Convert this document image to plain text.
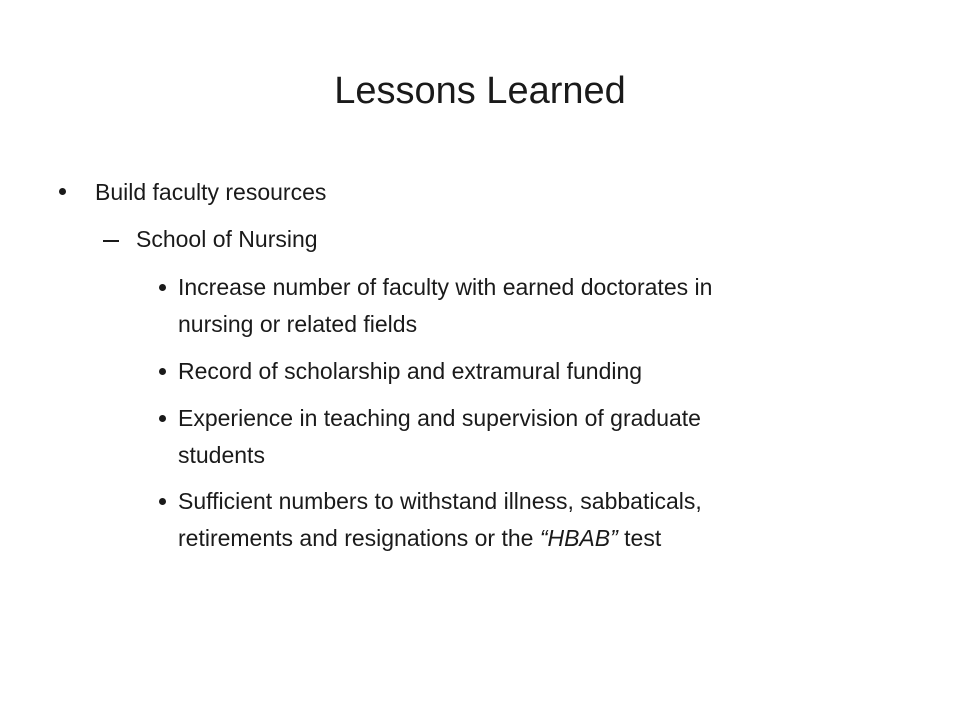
Lessons Learned
Build faculty resources
School of Nursing
Increase number of faculty with earned doctorates in
nursing or related fields
Record of scholarship and extramural funding
Experience in teaching and supervision of graduate
students
Sufficient numbers to withstand illness, sabbaticals,
retirements and resignations or the “HBAB” test
